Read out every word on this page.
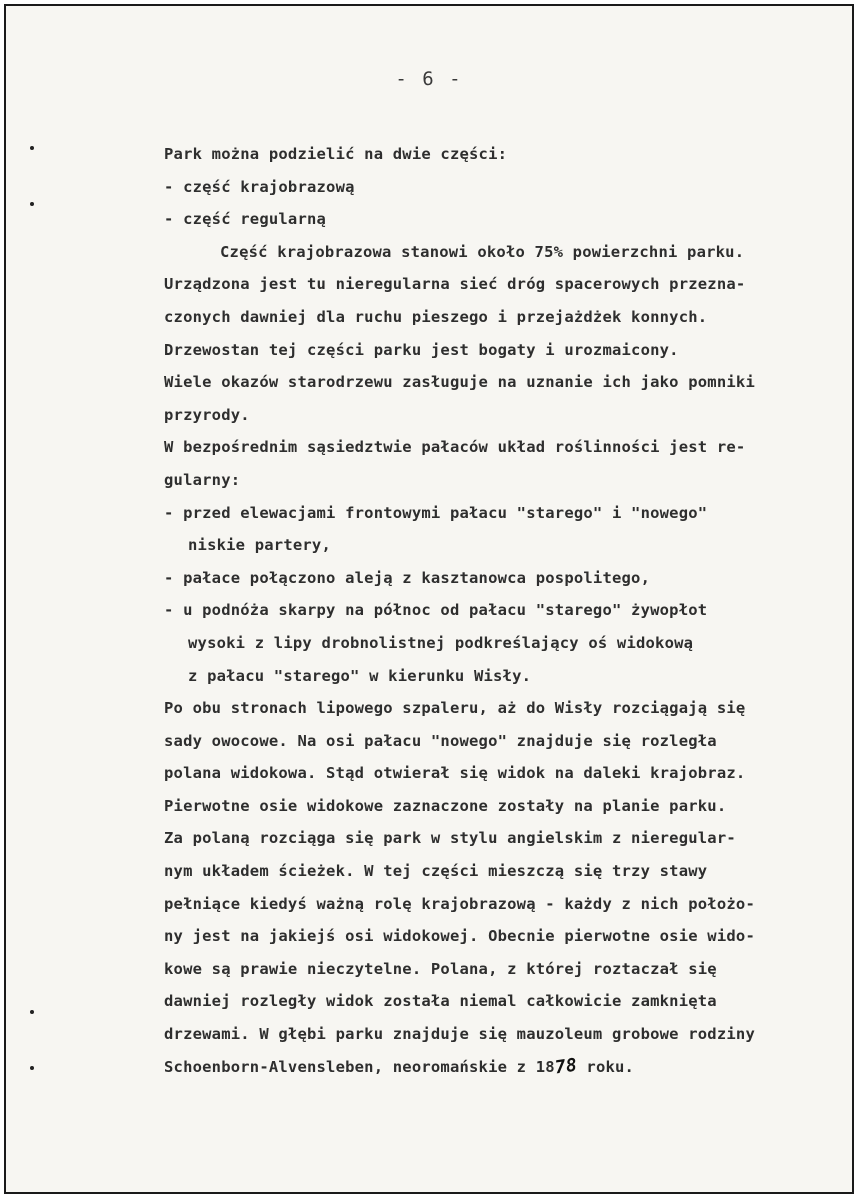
- 6 -
Park można podzielić na dwie części:
- część krajobrazową
- część regularną
Część krajobrazowa stanowi około 75% powierzchni parku.
Urządzona jest tu nieregularna sieć dróg spacerowych przezna-
czonych dawniej dla ruchu pieszego i przejażdżek konnych.
Drzewostan tej części parku jest bogaty i urozmaicony.
Wiele okazów starodrzewu zasługuje na uznanie ich jako pomniki
przyrody.
W bezpośrednim sąsiedztwie pałaców układ roślinności jest re-
gularny:
- przed elewacjami frontowymi pałacu "starego" i "nowego"
niskie partery,
- pałace połączono aleją z kasztanowca pospolitego,
- u podnóża skarpy na północ od pałacu "starego" żywopłot
wysoki z lipy drobnolistnej podkreślający oś widokową
z pałacu "starego" w kierunku Wisły.
Po obu stronach lipowego szpaleru, aż do Wisły rozciągają się
sady owocowe. Na osi pałacu "nowego" znajduje się rozległa
polana widokowa. Stąd otwierał się widok na daleki krajobraz.
Pierwotne osie widokowe zaznaczone zostały na planie parku.
Za polaną rozciąga się park w stylu angielskim z nieregular-
nym układem ścieżek. W tej części mieszczą się trzy stawy
pełniące kiedyś ważną rolę krajobrazową - każdy z nich położo-
ny jest na jakiejś osi widokowej. Obecnie pierwotne osie wido-
kowe są prawie nieczytelne. Polana, z której roztaczał się
dawniej rozległy widok została niemal całkowicie zamknięta
drzewami. W głębi parku znajduje się mauzoleum grobowe rodziny
Schoenborn-Alvensleben, neoromańskie z 1878 roku.
